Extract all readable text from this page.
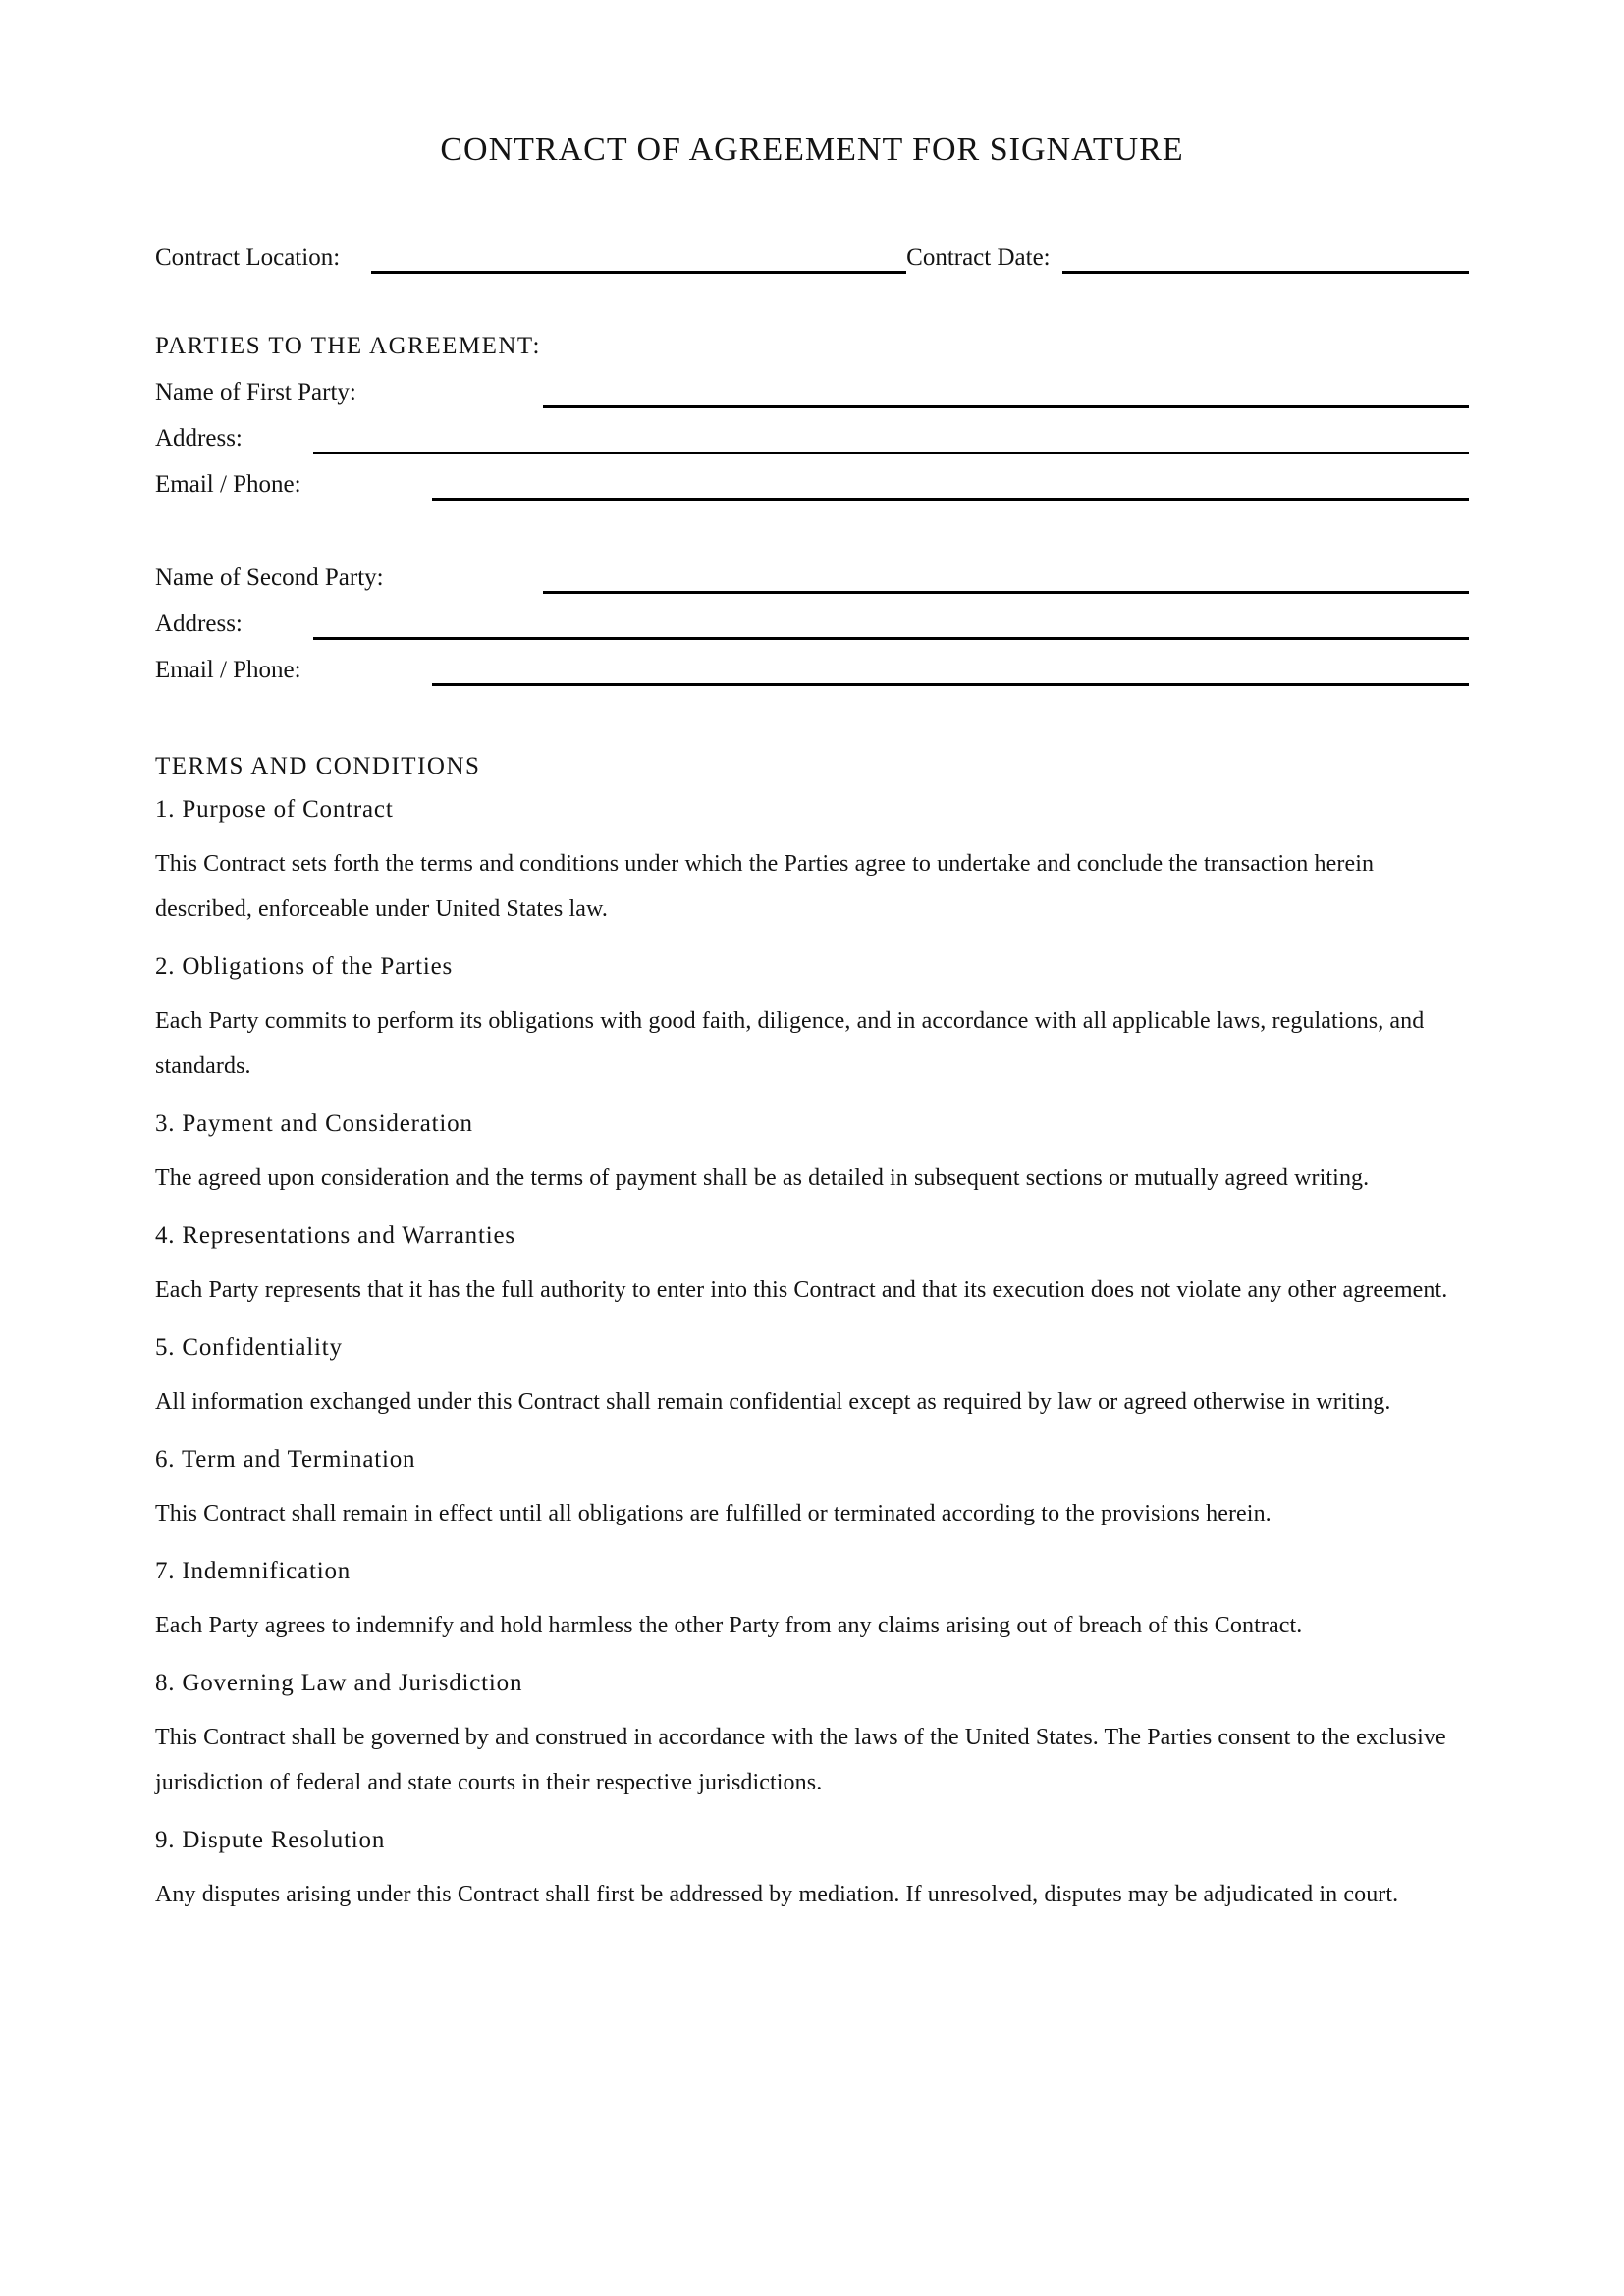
CONTRACT OF AGREEMENT FOR SIGNATURE
Contract Location:	Contract Date:
PARTIES TO THE AGREEMENT:
Name of First Party:
Address:
Email / Phone:
Name of Second Party:
Address:
Email / Phone:
TERMS AND CONDITIONS
1. Purpose of Contract

This Contract sets forth the terms and conditions under which the Parties agree to undertake and conclude the transaction herein described, enforceable under United States law.

2. Obligations of the Parties

Each Party commits to perform its obligations with good faith, diligence, and in accordance with all applicable laws, regulations, and standards.

3. Payment and Consideration

The agreed upon consideration and the terms of payment shall be as detailed in subsequent sections or mutually agreed writing.

4. Representations and Warranties

Each Party represents that it has the full authority to enter into this Contract and that its execution does not violate any other agreement.

5. Confidentiality

All information exchanged under this Contract shall remain confidential except as required by law or agreed otherwise in writing.

6. Term and Termination

This Contract shall remain in effect until all obligations are fulfilled or terminated according to the provisions herein.

7. Indemnification

Each Party agrees to indemnify and hold harmless the other Party from any claims arising out of breach of this Contract.

8. Governing Law and Jurisdiction

This Contract shall be governed by and construed in accordance with the laws of the United States. The Parties consent to the exclusive jurisdiction of federal and state courts in their respective jurisdictions.

9. Dispute Resolution

Any disputes arising under this Contract shall first be addressed by mediation. If unresolved, disputes may be adjudicated in court.
